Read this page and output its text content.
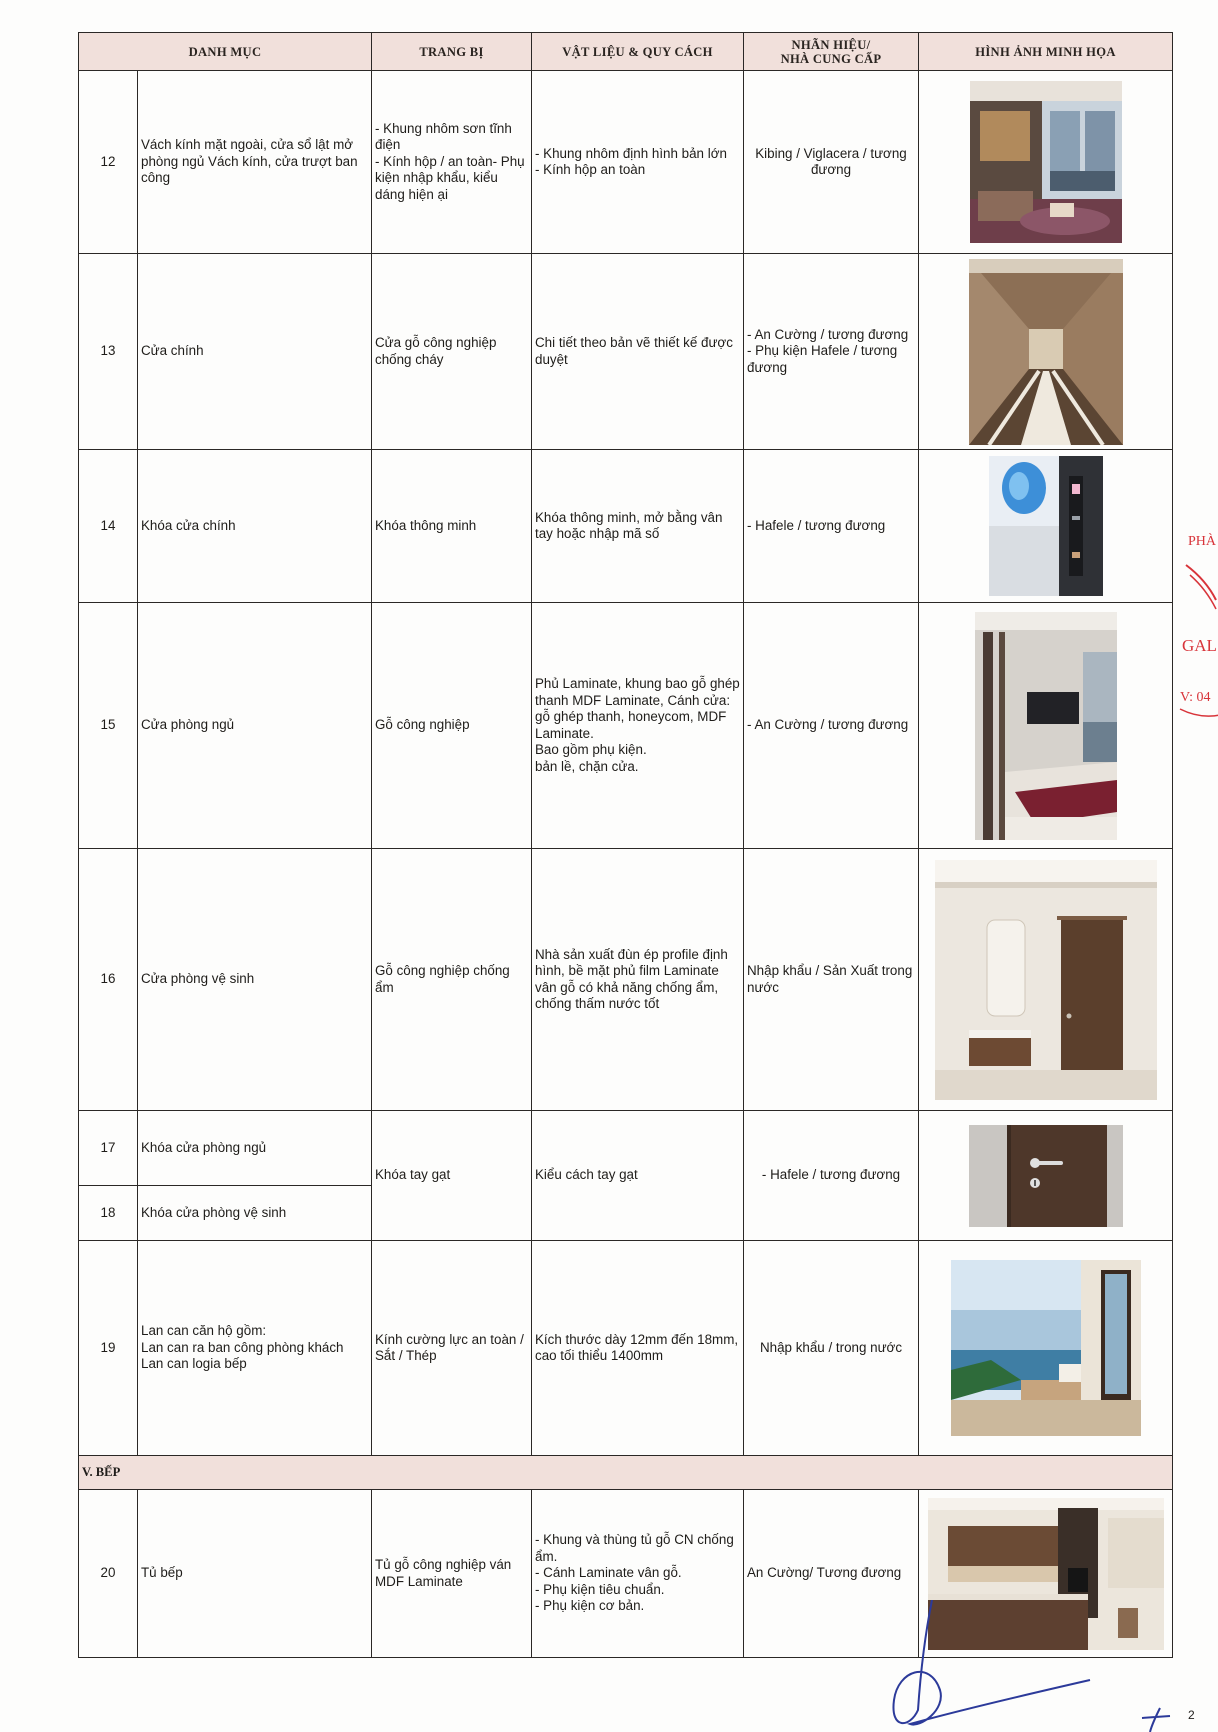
DANH MỤC		TRANG BỊ	VẬT LIỆU & QUY CÁCH	NHÃN HIỆU/
NHÀ CUNG CẤP	HÌNH ẢNH MINH HỌA
12	Vách kính mặt ngoài, cửa sổ lật mở phòng ngủ Vách kính, cửa trượt ban công	- Khung nhôm sơn tĩnh điện
- Kính hộp / an toàn- Phụ kiện nhập khẩu, kiểu dáng hiện ại	- Khung nhôm định hình bản lớn
- Kính hộp an toàn	Kibing / Viglacera / tương đương	
13	Cửa chính	Cửa gỗ công nghiệp chống cháy	Chi tiết theo bản vẽ thiết kế được duyệt	- An Cường / tương đương
- Phụ kiện Hafele / tương đương	
14	Khóa cửa chính	Khóa thông minh	Khóa thông minh, mở bằng vân tay hoặc nhập mã số	- Hafele / tương đương	
15	Cửa phòng ngủ	Gỗ công nghiệp	Phủ Laminate, khung bao gỗ ghép thanh MDF Laminate, Cánh cửa: gỗ ghép thanh, honeycom, MDF Laminate.
Bao gồm phụ kiện.
bản lề, chặn cửa.	- An Cường / tương đương	
16	Cửa phòng vệ sinh	Gỗ công nghiệp chống ẩm	Nhà sản xuất đùn ép profile định hình, bề mặt phủ film Laminate vân gỗ có khả năng chống ẩm, chống thấm nước tốt	Nhập khẩu / Sản Xuất trong nước	
17	Khóa cửa phòng ngủ	Khóa tay gạt	Kiểu cách tay gạt	- Hafele / tương đương	
18	Khóa cửa phòng vệ sinh				
19	Lan can căn hộ gồm:
Lan can ra ban công phòng khách Lan can logia bếp	Kính cường lực an toàn / Sắt / Thép	Kích thước dày 12mm đến 18mm, cao tối thiểu 1400mm	Nhập khẩu / trong nước	
V. BẾP					
20	Tủ bếp	Tủ gỗ công nghiệp ván MDF Laminate	- Khung và thùng tủ gỗ CN chống ẩm.
- Cánh Laminate vân gỗ.
- Phụ kiện tiêu chuẩn.
- Phụ kiện cơ bản.	An Cường/ Tương đương	
PHÀ
GAL
V: 04
2
